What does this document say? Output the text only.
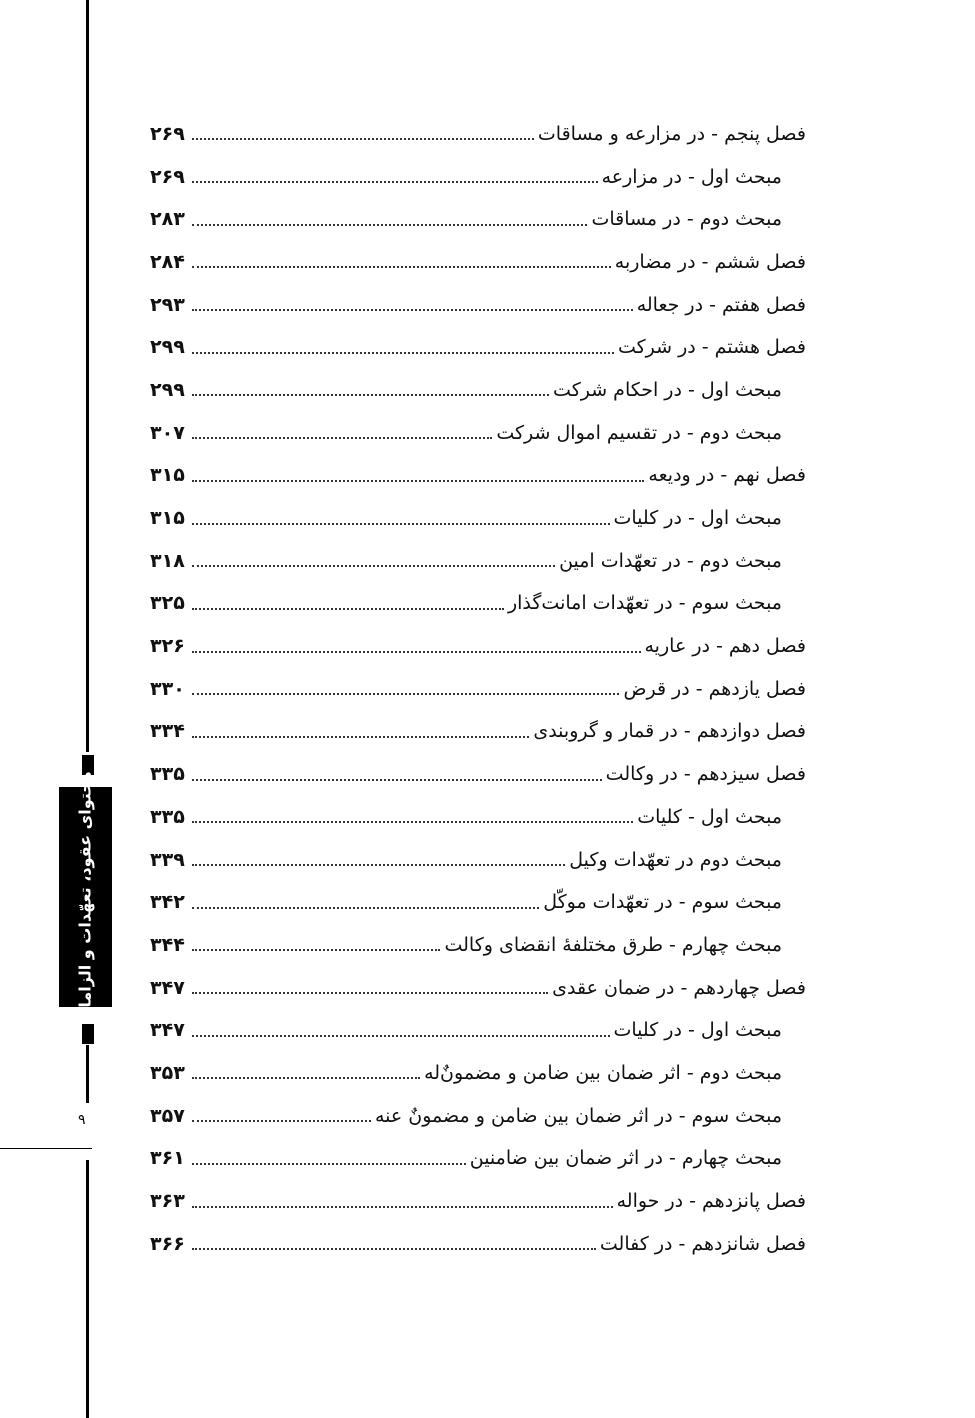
محتوای عقود، تعهّدات و الزامات
۹
فصل پنجم - در مزارعه و مساقات
۲۶۹
مبحث اول - در مزارعه
۲۶۹
مبحث دوم - در مساقات
۲۸۳
فصل ششم - در مضاربه
۲۸۴
فصل هفتم - در جعاله
۲۹۳
فصل هشتم - در شرکت
۲۹۹
مبحث اول - در احکام شرکت
۲۹۹
مبحث دوم - در تقسیم اموال شرکت
۳۰۷
فصل نهم - در ودیعه
۳۱۵
مبحث اول - در کلیات
۳۱۵
مبحث دوم - در تعهّدات امین
۳۱۸
مبحث سوم - در تعهّدات امانت‌گذار
۳۲۵
فصل دهم - در عاریه
۳۲۶
فصل یازدهم - در قرض
۳۳۰
فصل دوازدهم - در قمار و گروبندی
۳۳۴
فصل سیزدهم - در وکالت
۳۳۵
مبحث اول - کلیات
۳۳۵
مبحث دوم در تعهّدات وکیل
۳۳۹
مبحث سوم - در تعهّدات موکّل
۳۴۲
مبحث چهارم - طرق مختلفۀ انقضای وکالت
۳۴۴
فصل چهاردهم - در ضمان عقدی
۳۴۷
مبحث اول - در کلیات
۳۴۷
مبحث دوم - اثر ضمان بین ضامن و مضمونٌ‌له
۳۵۳
مبحث سوم - در اثر ضمان بین ضامن و مضمونٌ عنه
۳۵۷
مبحث چهارم - در اثر ضمان بین ضامنین
۳۶۱
فصل پانزدهم - در حواله
۳۶۳
فصل شانزدهم - در کفالت
۳۶۶
